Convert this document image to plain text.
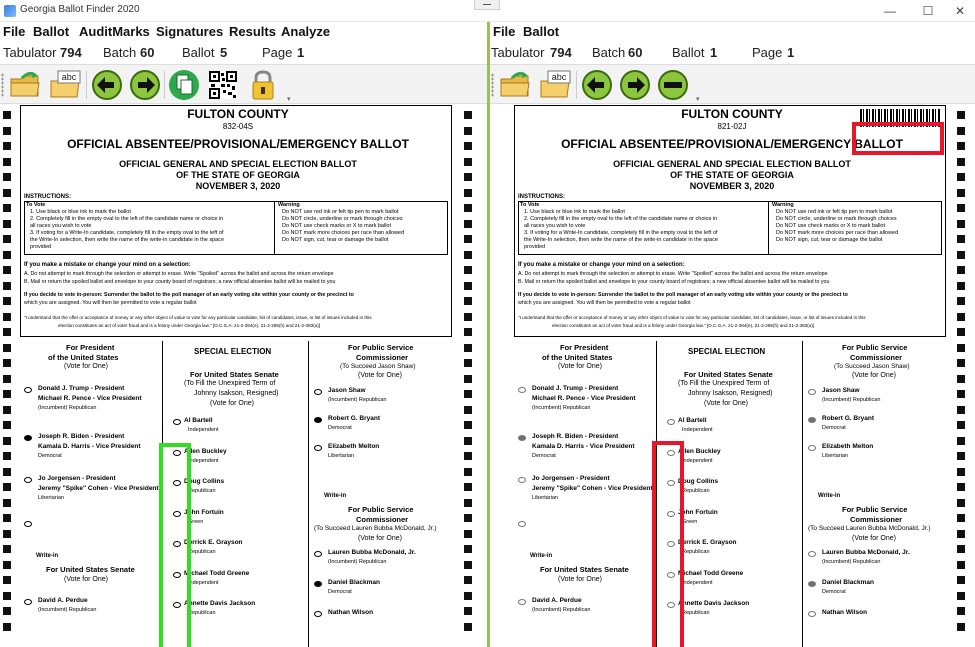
Georgia Ballot Finder 2020	—	☐	✕
File Ballot AuditMarks Signatures Results Analyze
Tabulator 794 Batch 60 Ballot 5	Page 1
abc
▾
FULTON COUNTY
832-04S
OFFICIAL ABSENTEE/PROVISIONAL/EMERGENCY BALLOT
OFFICIAL GENERAL AND SPECIAL ELECTION BALLOT
OF THE STATE OF GEORGIA
NOVEMBER 3, 2020
INSTRUCTIONS:
To Vote
1. Use black or blue ink to mark the ballot
2. Completely fill in the empty oval to the left of the candidate name or choice in
all races you wish to vote
3. If voting for a Write-In candidate, completely fill in the empty oval to the left of
the Write-In selection, then write the name of the write-in candidate in the space
provided
Warning
Do NOT use red ink or felt tip pen to mark ballot
Do NOT circle, underline or mark through choices
Do NOT use check marks or X to mark ballot
Do NOT mark more choices per race than allowed
Do NOT sign, cut, tear or damage the ballot
If you make a mistake or change your mind on a selection:
A. Do not attempt to mark through the selection or attempt to erase. Write "Spoiled" across the ballot and across the return envelope
B. Mail or return the spoiled ballot and envelope to your county board of registrars; a new official absentee ballot will be mailed to you
If you decide to vote in-person: Surrender the ballot to the poll manager of an early voting site within your county or the precinct to
which you are assigned. You will then be permitted to vote a regular ballot
"I understand that the offer or acceptance of money or any other object of value to vote for any particular candidate, list of candidates, issue, or list of issues included in this
election constitutes an act of voter fraud and is a felony under Georgia law." [O.C.G.A. 21-2-284(e), 21-2-285(h) and 21-2-383(a)]
For President
of the United States
(Vote for One)
Donald J. Trump - President
Michael R. Pence - Vice President
(Incumbent) Republican
Joseph R. Biden - President
Kamala D. Harris - Vice President
Democrat
Jo Jorgensen - President
Jeremy "Spike" Cohen - Vice President
Libertarian
Write-in
For United States Senate
(Vote for One)
David A. Perdue
(Incumbent) Republican
SPECIAL ELECTION
For United States Senate
(To Fill the Unexpired Term of
Johnny Isakson, Resigned)
(Vote for One)
Al Bartell
Independent
Allen Buckley
Independent
Doug Collins
Republican
John Fortuin
Green
Derrick E. Grayson
Republican
Michael Todd Greene
Independent
Annette Davis Jackson
Republican
For Public Service
Commissioner
(To Succeed Jason Shaw)
(Vote for One)
Jason Shaw
(Incumbent) Republican
Robert G. Bryant
Democrat
Elizabeth Melton
Libertarian
Write-in
For Public Service
Commissioner
(To Succeed Lauren Bubba McDonald, Jr.)
(Vote for One)
Lauren Bubba McDonald, Jr.
(Incumbent) Republican
Daniel Blackman
Democrat
Nathan Wilson
File Ballot
Tabulator 794 Batch 60 Ballot 1	Page 1
abc
▾
FULTON COUNTY
821-02J
OFFICIAL ABSENTEE/PROVISIONAL/EMERGENCY BALLOT
OFFICIAL GENERAL AND SPECIAL ELECTION BALLOT
OF THE STATE OF GEORGIA
NOVEMBER 3, 2020
INSTRUCTIONS:
To Vote
1. Use black or blue ink to mark the ballot
2. Completely fill in the empty oval to the left of the candidate name or choice in
all races you wish to vote
3. If voting for a Write-In candidate, completely fill in the empty oval to the left of
the Write-In selection, then write the name of the write-in candidate in the space
provided
Warning
Do NOT use red ink or felt tip pen to mark ballot
Do NOT circle, underline or mark through choices
Do NOT use check marks or X to mark ballot
Do NOT mark more choices per race than allowed
Do NOT sign, cut, tear or damage the ballot
If you make a mistake or change your mind on a selection:
A. Do not attempt to mark through the selection or attempt to erase. Write "Spoiled" across the ballot and across the return envelope
B. Mail or return the spoiled ballot and envelope to your county board of registrars; a new official absentee ballot will be mailed to you
If you decide to vote in-person: Surrender the ballot to the poll manager of an early voting site within your county or the precinct to
which you are assigned. You will then be permitted to vote a regular ballot
"I understand that the offer or acceptance of money or any other object of value to vote for any particular candidate, list of candidates, issue, or list of issues included in this
election constitutes an act of voter fraud and is a felony under Georgia law." [O.C.G.A. 21-2-284(e), 21-2-285(h) and 21-2-383(a)]
For President
of the United States
(Vote for One)
Donald J. Trump - President
Michael R. Pence - Vice President
(Incumbent) Republican
Joseph R. Biden - President
Kamala D. Harris - Vice President
Democrat
Jo Jorgensen - President
Jeremy "Spike" Cohen - Vice President
Libertarian
Write-in
For United States Senate
(Vote for One)
David A. Perdue
(Incumbent) Republican
SPECIAL ELECTION
For United States Senate
(To Fill the Unexpired Term of
Johnny Isakson, Resigned)
(Vote for One)
Al Bartell
Independent
Allen Buckley
Independent
Doug Collins
Republican
John Fortuin
Green
Derrick E. Grayson
Republican
Michael Todd Greene
Independent
Annette Davis Jackson
Republican
For Public Service
Commissioner
(To Succeed Jason Shaw)
(Vote for One)
Jason Shaw
(Incumbent) Republican
Robert G. Bryant
Democrat
Elizabeth Melton
Libertarian
Write-in
For Public Service
Commissioner
(To Succeed Lauren Bubba McDonald, Jr.)
(Vote for One)
Lauren Bubba McDonald, Jr.
(Incumbent) Republican
Daniel Blackman
Democrat
Nathan Wilson
